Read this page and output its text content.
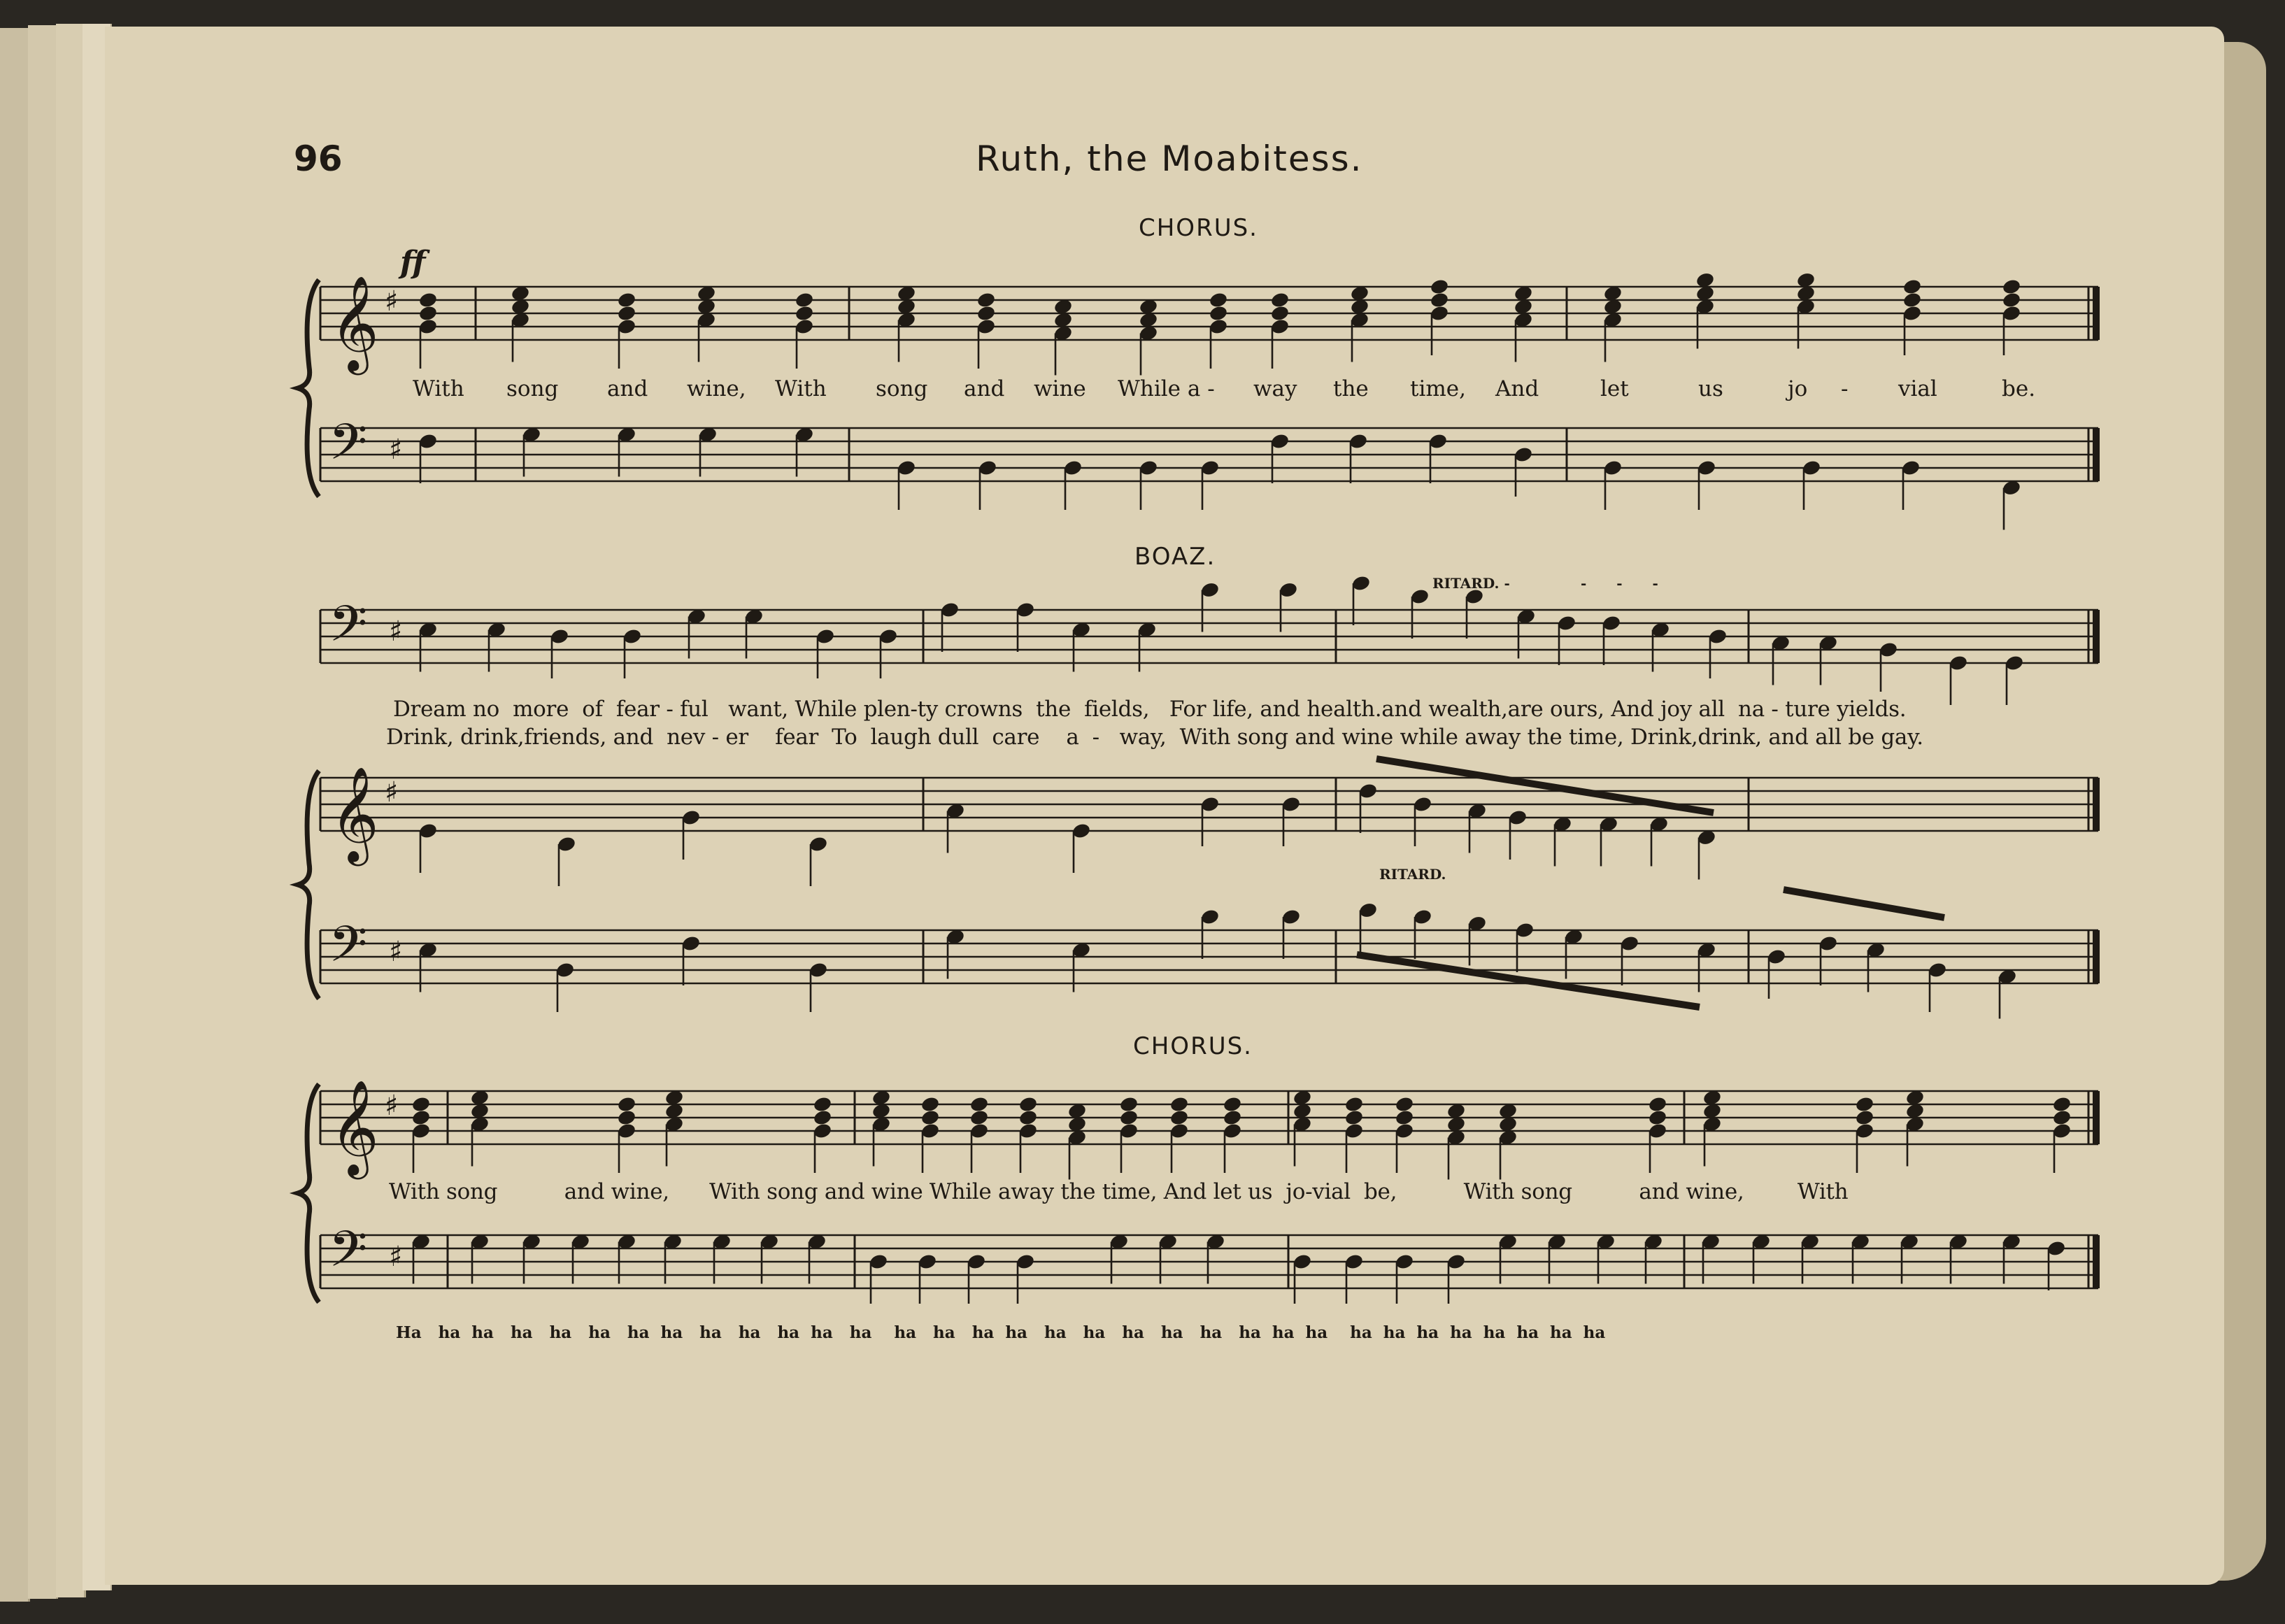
96	Ruth, the Moabitess.
CHORUS.
BOAZ.
CHORUS.
ff
With song and wine, With song and wine While a - way the time, And	let	us	jo - vial	be.
RITARD. -	- - -
Dream no  more  of  fear - ful   want, While plen-ty crowns  the  fields,   For life, and health.and wealth,are ours, And joy all  na - ture yields.
Drink, drink,friends, and  nev - er    fear  To  laugh dull  care    a  -   way,  With song and wine while away the time, Drink,drink, and all be gay.
RITARD.
With song          and wine,      With song and wine While away the time, And let us  jo-vial  be,          With song          and wine,        With
Ha   ha  ha   ha   ha   ha   ha  ha   ha   ha   ha  ha   ha    ha   ha   ha  ha   ha   ha   ha   ha   ha   ha  ha  ha    ha  ha  ha  ha  ha  ha  ha  ha
𝄞 ♯
𝄢 ♯
𝄢 ♯
𝄞 ♯
𝄢 ♯
𝄞 ♯
𝄢 ♯
